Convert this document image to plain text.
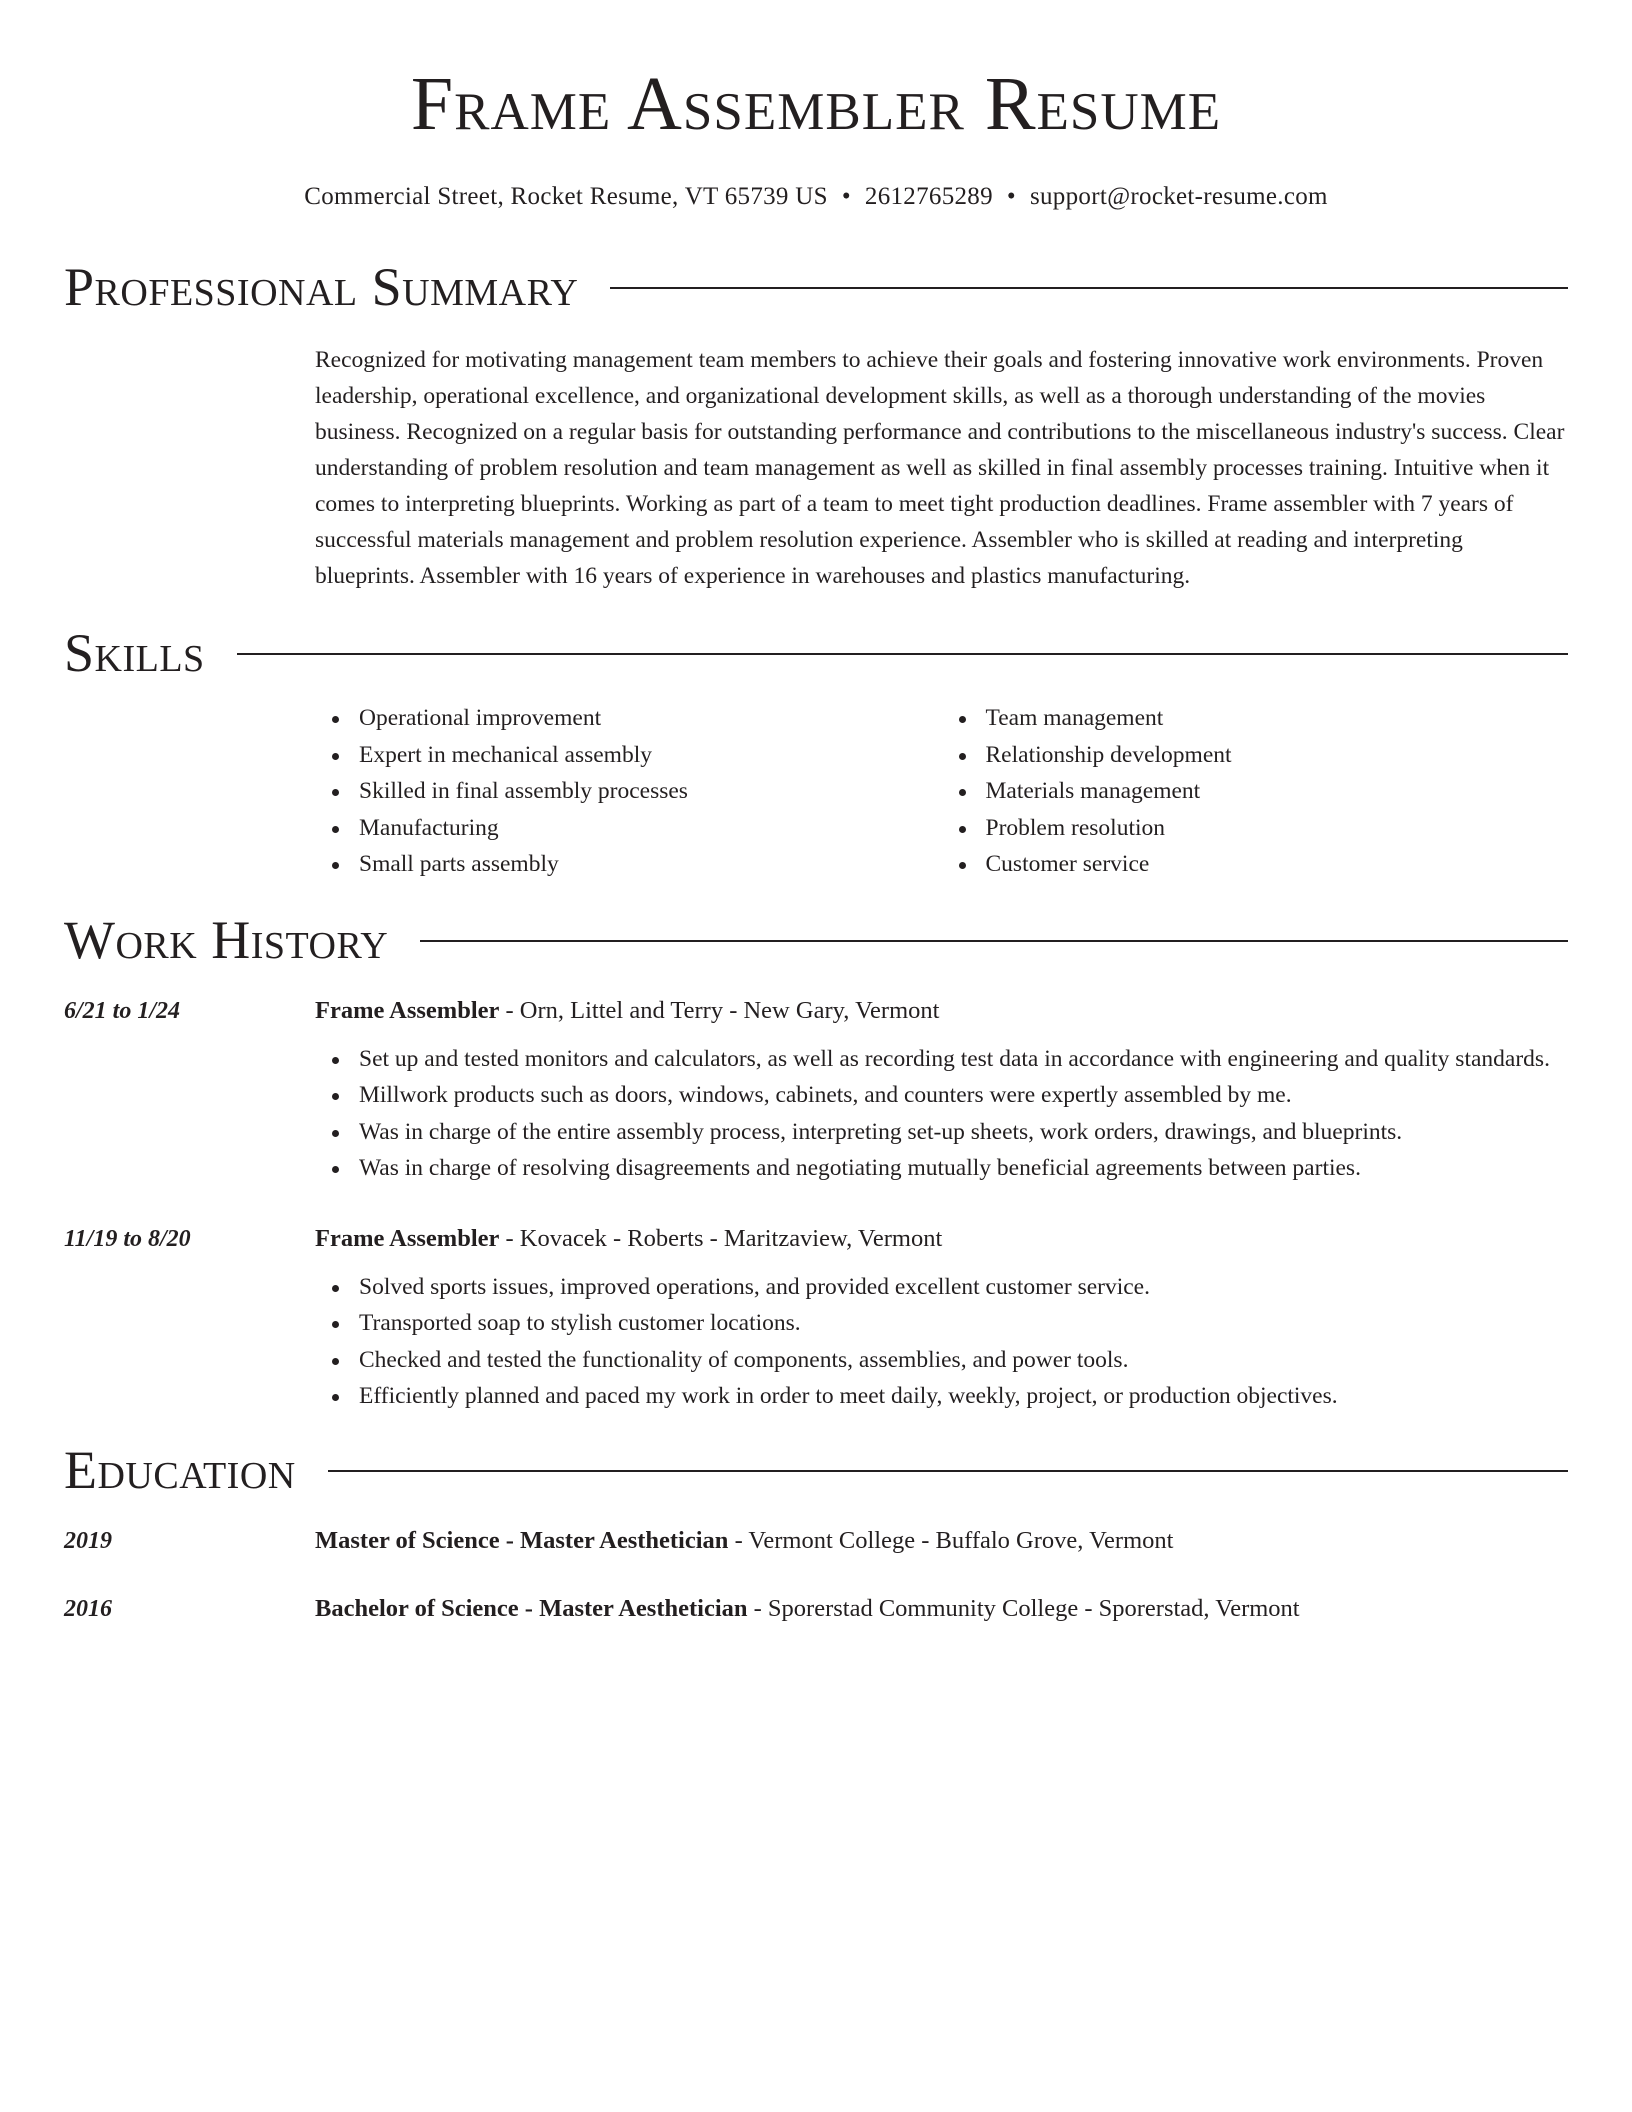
Frame Assembler Resume
Commercial Street, Rocket Resume, VT 65739 US • 2612765289 • support@rocket-resume.com
Professional Summary
Recognized for motivating management team members to achieve their goals and fostering innovative work environments. Proven leadership, operational excellence, and organizational development skills, as well as a thorough understanding of the movies business. Recognized on a regular basis for outstanding performance and contributions to the miscellaneous industry's success. Clear understanding of problem resolution and team management as well as skilled in final assembly processes training. Intuitive when it comes to interpreting blueprints. Working as part of a team to meet tight production deadlines. Frame assembler with 7 years of successful materials management and problem resolution experience. Assembler who is skilled at reading and interpreting blueprints. Assembler with 16 years of experience in warehouses and plastics manufacturing.
Skills
Operational improvement
Expert in mechanical assembly
Skilled in final assembly processes
Manufacturing
Small parts assembly
Team management
Relationship development
Materials management
Problem resolution
Customer service
Work History
6/21 to 1/24	Frame Assembler - Orn, Littel and Terry - New Gary, Vermont
Set up and tested monitors and calculators, as well as recording test data in accordance with engineering and quality standards.
Millwork products such as doors, windows, cabinets, and counters were expertly assembled by me.
Was in charge of the entire assembly process, interpreting set-up sheets, work orders, drawings, and blueprints.
Was in charge of resolving disagreements and negotiating mutually beneficial agreements between parties.
11/19 to 8/20	Frame Assembler - Kovacek - Roberts - Maritzaview, Vermont
Solved sports issues, improved operations, and provided excellent customer service.
Transported soap to stylish customer locations.
Checked and tested the functionality of components, assemblies, and power tools.
Efficiently planned and paced my work in order to meet daily, weekly, project, or production objectives.
Education
2019	Master of Science - Master Aesthetician - Vermont College - Buffalo Grove, Vermont
2016	Bachelor of Science - Master Aesthetician - Sporerstad Community College - Sporerstad, Vermont
